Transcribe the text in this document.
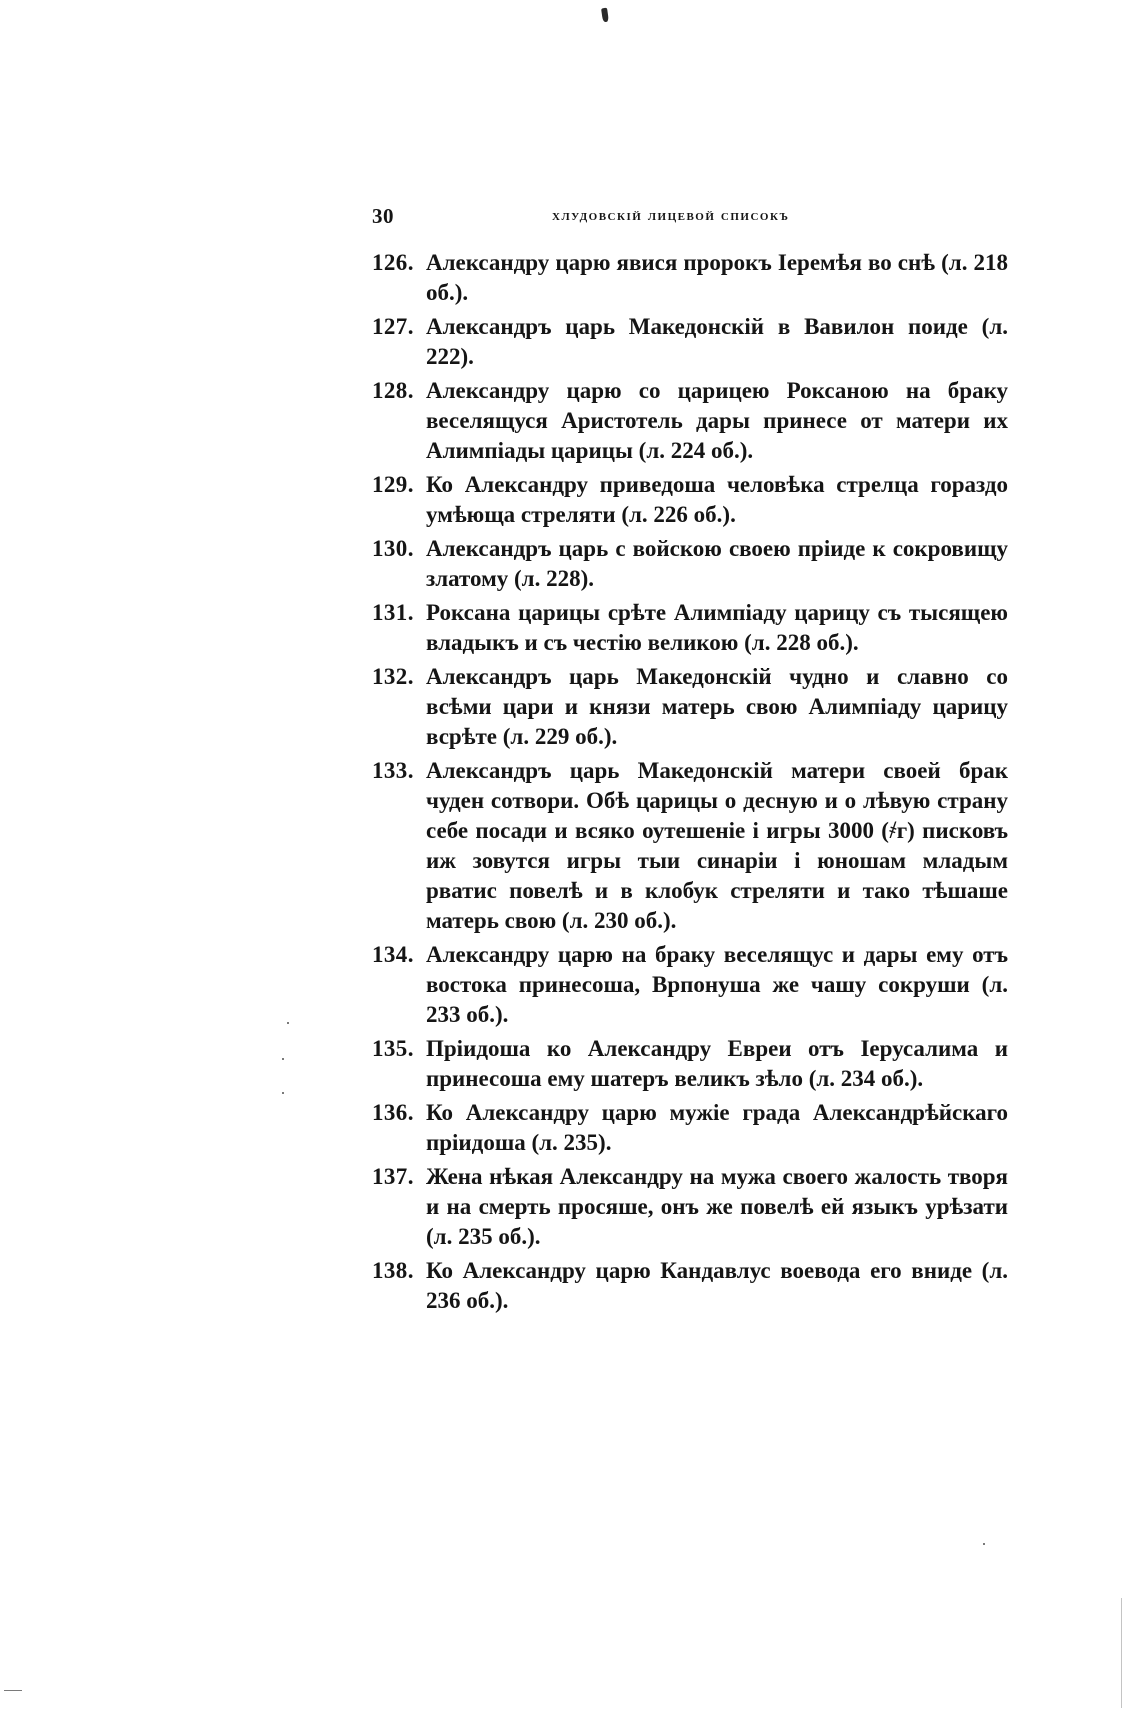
30	хлудовскій лицевой списокъ
126. Александру царю явися пророкъ Іеремѣя во снѣ (л. 218 об.).
127. Александръ царь Македонскій в Вавилон поиде (л. 222).
128. Александру царю со царицею Роксаною на браку веселящуся Аристотель дары принесе от матери их Алимпіады царицы (л. 224 об.).
129. Ко Александру приведоша человѣка стрелца гораздо умѣюща стреляти (л. 226 об.).
130. Александръ царь с войскою своею пріиде к сокровищу златому (л. 228).
131. Роксана царицы срѣте Алимпіаду царицу съ тысящею владыкъ и съ честію великою (л. 228 об.).
132. Александръ царь Македонскій чудно и славно со всѣми цари и князи матерь свою Алимпіаду царицу всрѣте (л. 229 об.).
133. Александръ царь Македонскій матери своей брак чуден сотвори. Обѣ царицы о десную и о лѣвую страну себе посади и всяко оутешеніе і игры 3000 (҂г) писковъ иж зовутся игры тыи синаріи і юношам младым рватис повелѣ и в клобук стреляти и тако тѣшаше матерь свою (л. 230 об.).
134. Александру царю на браку веселящус и дары ему отъ востока принесоша, Врпонуша же чашу сокруши (л. 233 об.).
135. Пріидоша ко Александру Евреи отъ Іерусалима и принесоша ему шатеръ великъ зѣло (л. 234 об.).
136. Ко Александру царю мужіе града Александрѣйскаго пріидоша (л. 235).
137. Жена нѣкая Александру на мужа своего жалость творя и на смерть просяше, онъ же повелѣ ей языкъ урѣзати (л. 235 об.).
138. Ко Александру царю Кандавлус воевода его вниде (л. 236 об.).
